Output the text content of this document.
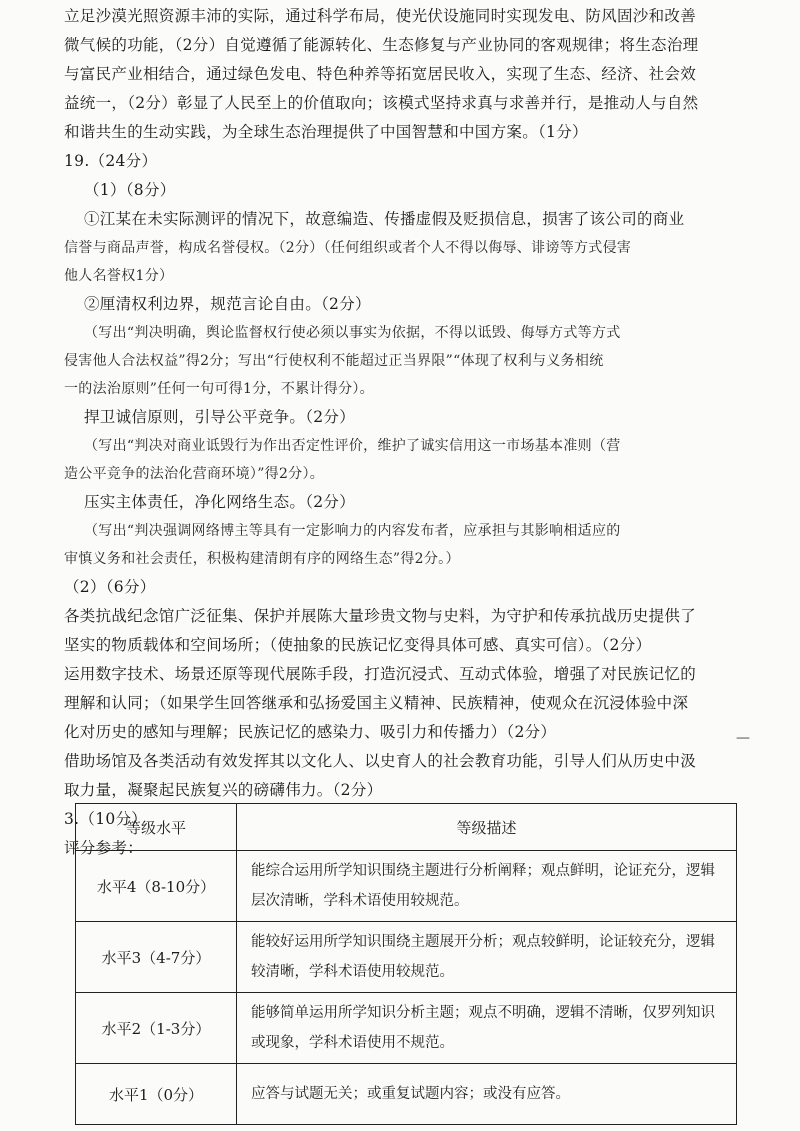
立足沙漠光照资源丰沛的实际，通过科学布局，使光伏设施同时实现发电、防风固沙和改善

微气候的功能，（2分）自觉遵循了能源转化、生态修复与产业协同的客观规律；将生态治理

与富民产业相结合，通过绿色发电、特色种养等拓宽居民收入，实现了生态、经济、社会效

益统一，（2分）彰显了人民至上的价值取向；该模式坚持求真与求善并行，是推动人与自然

和谐共生的生动实践，为全球生态治理提供了中国智慧和中国方案。（1分）

19.（24分）

（1）（8分）

①江某在未实际测评的情况下，故意编造、传播虚假及贬损信息，损害了该公司的商业

信誉与商品声誉，构成名誉侵权。（2分）（任何组织或者个人不得以侮辱、诽谤等方式侵害

他人名誉权1分）

②厘清权利边界，规范言论自由。（2分）

（写出“判决明确，舆论监督权行使必须以事实为依据，不得以诋毁、侮辱方式等方式

侵害他人合法权益”得2分；写出“行使权利不能超过正当界限”“体现了权利与义务相统

一的法治原则”任何一句可得1分，不累计得分）。

捍卫诚信原则，引导公平竞争。（2分）

（写出“判决对商业诋毁行为作出否定性评价，维护了诚实信用这一市场基本准则（营

造公平竞争的法治化营商环境）”得2分）。

压实主体责任，净化网络生态。（2分）

（写出“判决强调网络博主等具有一定影响力的内容发布者，应承担与其影响相适应的

审慎义务和社会责任，积极构建清朗有序的网络生态”得2分。）

（2）（6分）

各类抗战纪念馆广泛征集、保护并展陈大量珍贵文物与史料，为守护和传承抗战历史提供了

坚实的物质载体和空间场所；（使抽象的民族记忆变得具体可感、真实可信）。（2分）

运用数字技术、场景还原等现代展陈手段，打造沉浸式、互动式体验，增强了对民族记忆的

理解和认同；（如果学生回答继承和弘扬爱国主义精神、民族精神，使观众在沉浸体验中深

化对历史的感知与理解；民族记忆的感染力、吸引力和传播力）（2分）

借助场馆及各类活动有效发挥其以文化人、以史育人的社会教育功能，引导人们从历史中汲

取力量，凝聚起民族复兴的磅礴伟力。（2分）

3.（10分）

评分参考：

—
等级水平	等级描述
水平4（8-10分）	能综合运用所学知识围绕主题进行分析阐释；观点鲜明，论证充分，逻辑层次清晰，学科术语使用较规范。
水平3（4-7分）	能较好运用所学知识围绕主题展开分析；观点较鲜明，论证较充分，逻辑较清晰，学科术语使用较规范。
水平2（1-3分）	能够简单运用所学知识分析主题；观点不明确，逻辑不清晰，仅罗列知识或现象，学科术语使用不规范。
水平1（0分）	应答与试题无关；或重复试题内容；或没有应答。
